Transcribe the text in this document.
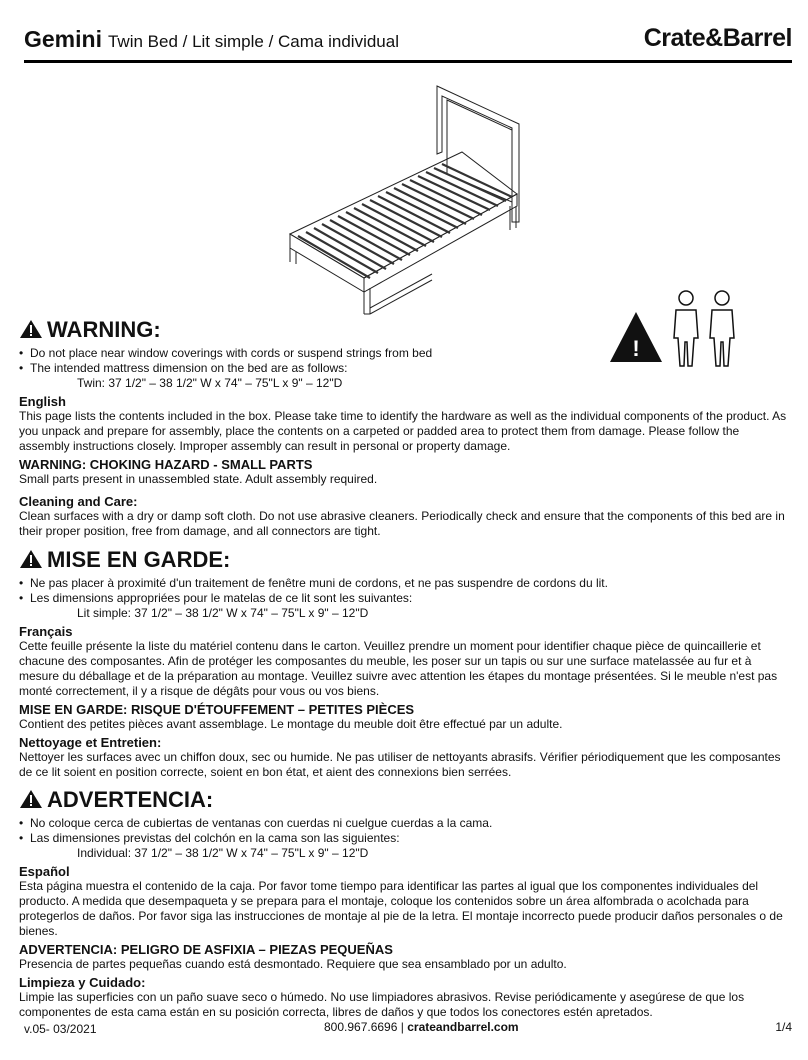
Gemini Twin Bed / Lit simple / Cama individual	Crate&Barrel
!
WARNING:
• Do not place near window coverings with cords or suspend strings from bed
• The intended mattress dimension on the bed are as follows:
Twin: 37 1/2" – 38 1/2" W x 74" – 75"L x 9" – 12"D
English

This page lists the contents included in the box. Please take time to identify the hardware as well as the individual components of the product. As you unpack and prepare for assembly, place the contents on a carpeted or padded area to protect them from damage. Please follow the assembly instructions closely. Improper assembly can result in personal or property damage.

WARNING: CHOKING HAZARD - SMALL PARTS

Small parts present in unassembled state. Adult assembly required.

Cleaning and Care:

Clean surfaces with a dry or damp soft cloth. Do not use abrasive cleaners. Periodically check and ensure that the components of this bed are in their proper position, free from damage, and all connectors are tight.

MISE EN GARDE:
• Ne pas placer à proximité d'un traitement de fenêtre muni de cordons, et ne pas suspendre de cordons du lit.
• Les dimensions appropriées pour le matelas de ce lit sont les suivantes:
Lit simple: 37 1/2" – 38 1/2" W x 74" – 75"L x 9" – 12"D
Français

Cette feuille présente la liste du matériel contenu dans le carton. Veuillez prendre un moment pour identifier chaque pièce de quincaillerie et chacune des composantes. Afin de protéger les composantes du meuble, les poser sur un tapis ou sur une surface matelassée au fur et à mesure du déballage et de la préparation au montage. Veuillez suivre avec attention les étapes du montage présentées. Si le meuble n'est pas monté correctement, il y a risque de dégâts pour vous ou vos biens.

MISE EN GARDE: RISQUE D'ÉTOUFFEMENT – PETITES PIÈCES

Contient des petites pièces avant assemblage. Le montage du meuble doit être effectué par un adulte.

Nettoyage et Entretien:

Nettoyer les surfaces avec un chiffon doux, sec ou humide. Ne pas utiliser de nettoyants abrasifs. Vérifier périodiquement que les composantes de ce lit soient en position correcte, soient en bon état, et aient des connexions bien serrées.

ADVERTENCIA:
• No coloque cerca de cubiertas de ventanas con cuerdas ni cuelgue cuerdas a la cama.
• Las dimensiones previstas del colchón en la cama son las siguientes:
Individual: 37 1/2" – 38 1/2" W x 74" – 75"L x 9" – 12"D
Español

Esta página muestra el contenido de la caja. Por favor tome tiempo para identificar las partes al igual que los componentes individuales del producto. A medida que desempaqueta y se prepara para el montaje, coloque los contenidos sobre un área alfombrada o acolchada para protegerlos de daños. Por favor siga las instrucciones de montaje al pie de la letra. El montaje incorrecto puede producir daños personales o de bienes.

ADVERTENCIA: PELIGRO DE ASFIXIA – PIEZAS PEQUEÑAS

Presencia de partes pequeñas cuando está desmontado. Requiere que sea ensamblado por un adulto.

Limpieza y Cuidado:

Limpie las superficies con un paño suave seco o húmedo. No use limpiadores abrasivos. Revise periódicamente y asegúrese de que los componentes de esta cama están en su posición correcta, libres de daños y que todos los conectores estén apretados.

v.05- 03/2021	800.967.6696 | crateandbarrel.com	1/4
